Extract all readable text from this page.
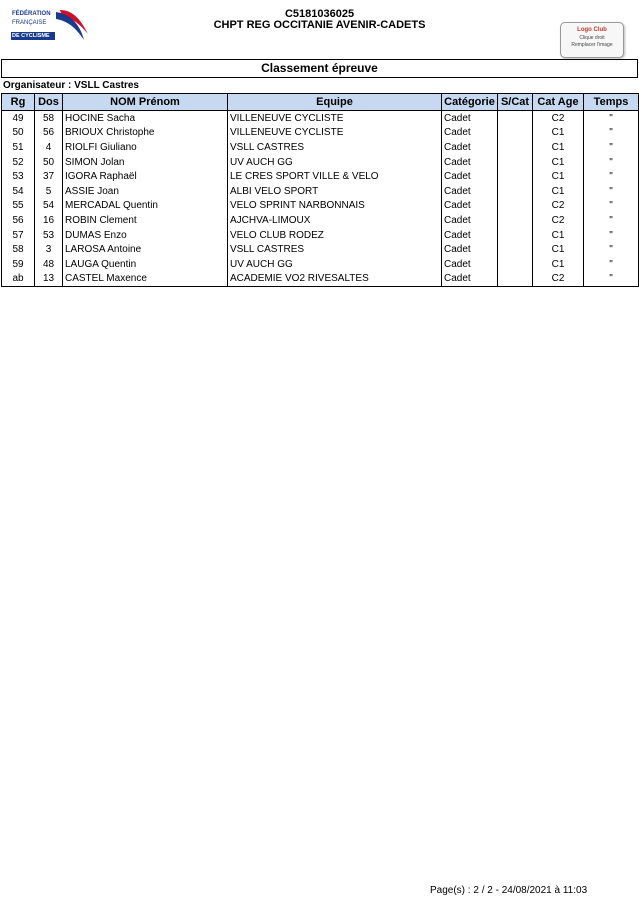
FÉDÉRATION
FRANÇAISE
DE CYCLISME
C5181036025
CHPT REG OCCITANIE AVENIR-CADETS	Logo Club
Clique droit
Remplacer l'image
Classement épreuve
Organisateur : VSLL Castres
Rg	Dos	NOM Prénom	Equipe	Catégorie	S/Cat	Cat Age	Temps
49	58	HOCINE Sacha	VILLENEUVE CYCLISTE	Cadet		C2	"
50	56	BRIOUX Christophe	VILLENEUVE CYCLISTE	Cadet		C1	"
51	4	RIOLFI Giuliano	VSLL CASTRES	Cadet		C1	"
52	50	SIMON Jolan	UV AUCH GG	Cadet		C1	"
53	37	IGORA Raphaël	LE CRES SPORT VILLE & VELO	Cadet		C1	"
54	5	ASSIE Joan	ALBI VELO SPORT	Cadet		C1	"
55	54	MERCADAL Quentin	VELO SPRINT NARBONNAIS	Cadet		C2	"
56	16	ROBIN Clement	AJCHVA-LIMOUX	Cadet		C2	"
57	53	DUMAS Enzo	VELO CLUB RODEZ	Cadet		C1	"
58	3	LAROSA Antoine	VSLL CASTRES	Cadet		C1	"
59	48	LAUGA Quentin	UV AUCH GG	Cadet		C1	"
ab	13	CASTEL Maxence	ACADEMIE VO2 RIVESALTES	Cadet		C2	"
Page(s) : 2 / 2 - 24/08/2021 à 11:03
